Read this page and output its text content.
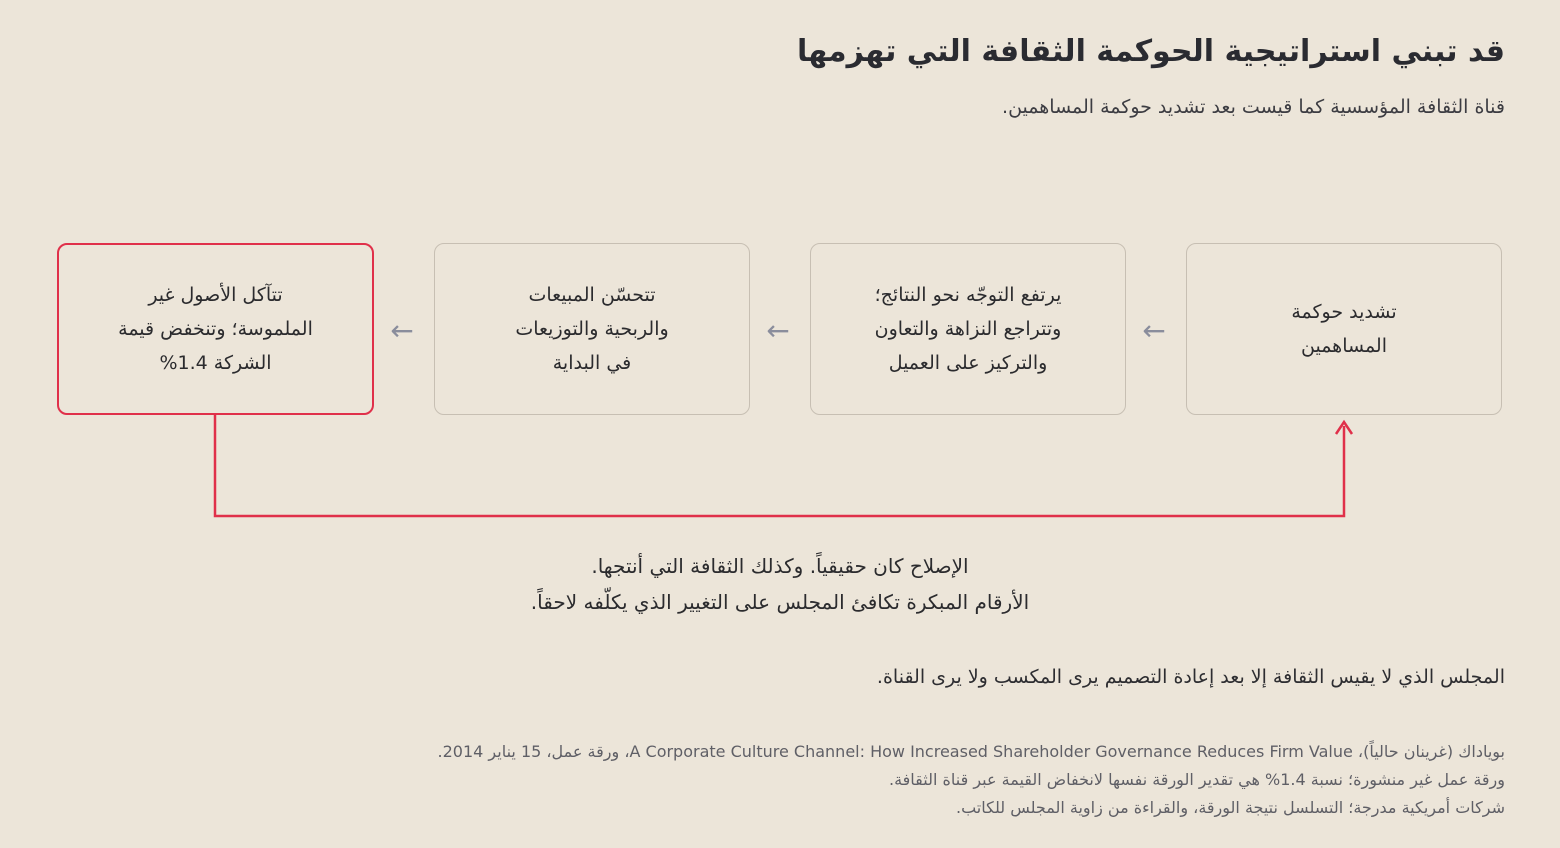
قد تبني استراتيجية الحوكمة الثقافة التي تهزمها

قناة الثقافة المؤسسية كما قيست بعد تشديد حوكمة المساهمين.

تشديد حوكمة المساهمين
←
يرتفع التوجّه نحو النتائج؛ وتتراجع النزاهة والتعاون والتركيز على العميل
←
تتحسّن المبيعات والربحية والتوزيعات في البداية
←
تتآكل الأصول غير الملموسة؛ وتنخفض قيمة الشركة 1.4%
الإصلاح كان حقيقياً. وكذلك الثقافة التي أنتجها.
الأرقام المبكرة تكافئ المجلس على التغيير الذي يكلّفه لاحقاً.
المجلس الذي لا يقيس الثقافة إلا بعد إعادة التصميم يرى المكسب ولا يرى القناة.
بوياداك (غرينان حالياً)، A Corporate Culture Channel: How Increased Shareholder Governance Reduces Firm Value، ورقة عمل، 15 يناير 2014.
ورقة عمل غير منشورة؛ نسبة 1.4% هي تقدير الورقة نفسها لانخفاض القيمة عبر قناة الثقافة.
شركات أمريكية مدرجة؛ التسلسل نتيجة الورقة، والقراءة من زاوية المجلس للكاتب.
